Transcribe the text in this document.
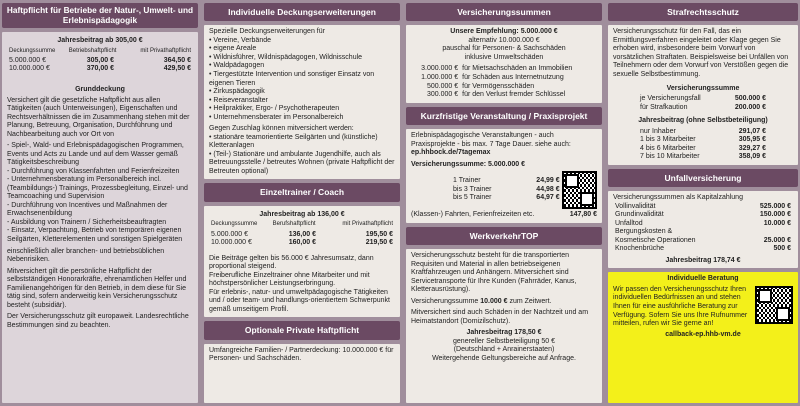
Haftpflicht für Betriebe der Natur-, Umwelt- und Erlebnispädagogik
Jahresbeitrag ab 305,00 €
Deckungssumme	Betriebshaftpflicht	mit Privathaftpflicht
5.000.000 €	305,00 €	364,50 €
10.000.000 €	370,00 €	429,50 €
Grunddeckung

Versichert gilt die gesetzliche Haftpflicht aus allen Tätigkeiten (auch Unterweisungen), Eigenschaften und Rechtsverhältnissen die im Zusammenhang stehen mit der Planung, Betreuung, Organisation, Durchführung und Nachbearbeitung auch vor Ort von

- Spiel-, Wald- und Erlebnispädagogischen Programmen, Events und Acts zu Lande und auf dem Wasser gemäß Tätigkeitsbeschreibung
- Durchführung von Klassenfahrten und Ferienfreizeiten
- Unternehmensberatung im Personalbereich incl. (Teambildungs-) Trainings, Prozessbegleitung, Einzel- und Teamcoaching und Supervision
- Durchführung von Incentives und Maßnahmen der Erwachsenenbildung
- Ausbildung von Trainern / Sicherheitsbeauftragten
- Einsatz, Verpachtung, Betrieb von temporären eigenen Seilgärten, Kletterelementen und sonstigen Spielgeräten

einschließlich aller branchen- und betriebsüblichen Nebenrisiken.

Mitversichert gilt die persönliche Haftpflicht der selbstständigen Honorarkräfte, ehrenamtlichen Helfer und Familienangehörigen für den Betrieb, in dem diese für Sie tätig sind, sofern anderweitig kein Versicherungsschutz besteht (subsidiär).

Der Versicherungsschutz gilt europaweit. Landesrechtliche Bestimmungen sind zu beachten.

Individuelle Deckungserweiterungen

Spezielle Deckungserweiterungen für

• Vereine, Verbände
• eigene Areale
• Wildnisführer, Wildnispädagogen, Wildnisschule
• Waldpädagogen
• Tiergestützte Intervention und sonstiger Einsatz von eigenen Tieren
• Zirkuspädagogik
• Reiseveranstalter
• Heilpraktiker, Ergo- / Psychotherapeuten
• Unternehmensberater im Personalbereich

Gegen Zuschlag können mitversichert werden:

• stationäre teamorientierte Seilgärten und (künstliche) Kletteranlagen
• (Teil-) Stationäre und ambulante Jugendhilfe, auch als Betreuungsstelle / betreutes Wohnen (private Haftpflicht der Betreuten optional)
Einzeltrainer / Coach
Jahresbeitrag ab 136,00 €
Deckungssumme	Berufshaftpflicht	mit Privathaftpflicht
5.000.000 €	136,00 €	195,50 €
10.000.000 €	160,00 €	219,50 €

Die Beiträge gelten bis 56.000 € Jahresumsatz, dann proportional steigend.

Freiberufliche Einzeltrainer ohne Mitarbeiter und mit höchstpersönlicher Leistungserbringung.

Für erlebnis-, natur- und umweltpädagogische Tätigkeiten und / oder team- und handlungs-orientiertem Schwerpunkt gemäß umseitigem Profil.

Optionale Private Haftpflicht

Umfangreiche Familien- / Partnerdeckung: 10.000.000 € für Personen- und Sachschäden.

Versicherungssummen

Unsere Empfehlung: 5.000.000 €

alternativ 10.000.000 €

pauschal für Personen- & Sachschäden

inklusive Umweltschäden

3.000.000 €	für Mietsachschäden an Immobilien
1.000.000 €	für Schäden aus Internetnutzung
500.000 €	für Vermögensschäden
300.000 €	für den Verlust fremder Schlüssel
Kurzfristige Veranstaltung / Praxisprojekt

Erlebnispädagogische Veranstaltungen - auch Praxisprojekte - bis max. 7 Tage Dauer. siehe auch: ep.hhbock.de/7tagemax

Versicherungssumme: 5.000.000 €

1 Trainer	24,99 €
bis 3 Trainer	44,98 €
bis 5 Trainer	64,97 €
(Klassen-) Fahrten, Ferienfreizeiten etc.	147,80 €
WerkverkehrTOP

Versicherungsschutz besteht für die transportierten Requisiten und Material in allen betriebseigenen Kraftfahrzeugen und Anhängern. Mitversichert sind Servicetransporte für Ihre Kunden (Fahrräder, Kanus, Kletterausrüstung).

Versicherungssumme 10.000 € zum Zeitwert.

Mitversichert sind auch Schäden in der Nachtzeit und am Heimatstandort (Domizilschutz).

Jahresbeitrag 178,50 €

genereller Selbstbeteiligung 50 €

(Deutschland + Anrainerstaaten)

Weitergehende Geltungsbereiche auf Anfrage.

Strafrechtsschutz

Versicherungsschutz für den Fall, das ein Ermittlungsverfahren eingeleitet oder Klage gegen Sie erhoben wird, insbesondere beim Vorwurf von vorsätzlichen Straftaten. Beispielsweise bei Unfällen von Teilnehmern oder dem Vorwurf von Verstößen gegen die sexuelle Selbstbestimmung.

Versicherungssumme

je Versicherungsfall	500.000 €
für Strafkaution	200.000 €

Jahresbeitrag (ohne Selbstbeteiligung)

nur Inhaber	291,07 €
1 bis 3 Mitarbeiter	305,95 €
4 bis 6 Mitarbeiter	329,27 €
7 bis 10 Mitarbeiter	358,09 €
Unfallversicherung

Versicherungssummen als Kapitalzahlung

Vollinvalidität	525.000 €
Grundinvalidität	150.000 €
Unfalltod	10.000 €
Bergungskosten &	
Kosmetische Operationen	25.000 €
Knochenbrüche	500 €

Jahresbeitrag 178,74 €

Individuelle Beratung

Wir passen den Versicherungsschutz Ihren individuellen Bedürfnissen an und stehen Ihnen für eine ausführliche Beratung zur Verfügung. Sofern Sie uns Ihre Rufnummer mitteilen, rufen wir Sie gerne an!

callback-ep.hhb-vm.de
